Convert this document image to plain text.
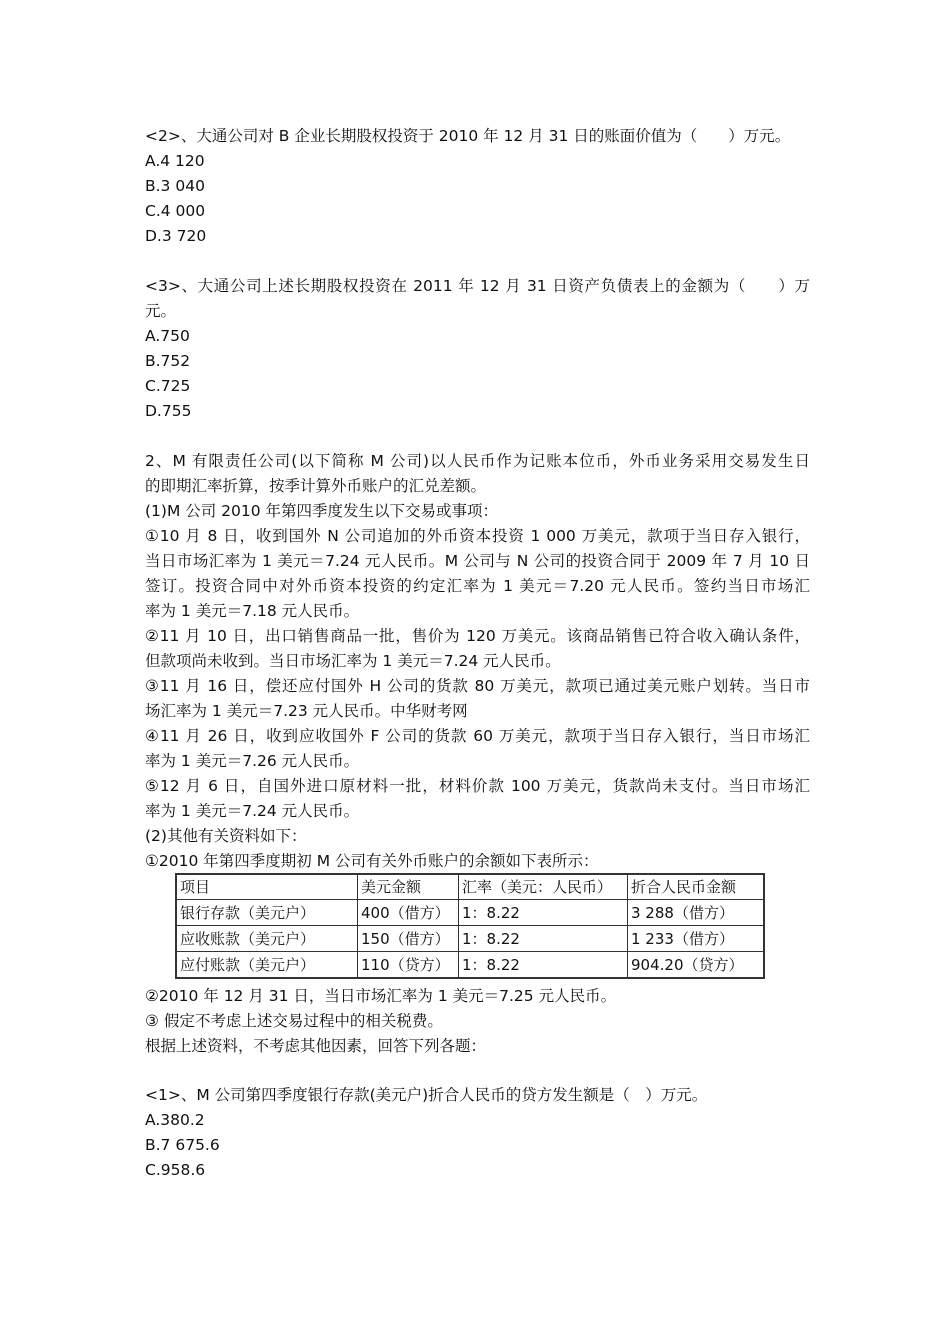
<2>、大通公司对 B 企业长期股权投资于 2010 年 12 月 31 日的账面价值为（　　）万元。
A.4 120
B.3 040
C.4 000
D.3 720
<3>、大通公司上述长期股权投资在 2011 年 12 月 31 日资产负债表上的金额为（　　）万
元。
A.750
B.752
C.725
D.755
2、M 有限责任公司(以下简称 M 公司)以人民币作为记账本位币，外币业务采用交易发生日
的即期汇率折算，按季计算外币账户的汇兑差额。
(1)M 公司 2010 年第四季度发生以下交易或事项：
①10 月 8 日，收到国外 N 公司追加的外币资本投资 1 000 万美元，款项于当日存入银行，
当日市场汇率为 1 美元＝7.24 元人民币。M 公司与 N 公司的投资合同于 2009 年 7 月 10 日
签订。投资合同中对外币资本投资的约定汇率为 1 美元＝7.20 元人民币。签约当日市场汇
率为 1 美元＝7.18 元人民币。
②11 月 10 日，出口销售商品一批，售价为 120 万美元。该商品销售已符合收入确认条件，
但款项尚未收到。当日市场汇率为 1 美元＝7.24 元人民币。
③11 月 16 日，偿还应付国外 H 公司的货款 80 万美元，款项已通过美元账户划转。当日市
场汇率为 1 美元＝7.23 元人民币。中华财考网
④11 月 26 日，收到应收国外 F 公司的货款 60 万美元，款项于当日存入银行，当日市场汇
率为 1 美元＝7.26 元人民币。
⑤12 月 6 日，自国外进口原材料一批，材料价款 100 万美元，货款尚未支付。当日市场汇
率为 1 美元＝7.24 元人民币。
(2)其他有关资料如下：
①2010 年第四季度期初 M 公司有关外币账户的余额如下表所示：
项目	美元金额	汇率（美元：人民币）	折合人民币金额
银行存款（美元户）	400（借方）	1：8.22	3 288（借方）
应收账款（美元户）	150（借方）	1：8.22	1 233（借方）
应付账款（美元户）	110（贷方）	1：8.22	904.20（贷方）
②2010 年 12 月 31 日，当日市场汇率为 1 美元＝7.25 元人民币。
③ 假定不考虑上述交易过程中的相关税费。
根据上述资料，不考虑其他因素，回答下列各题：
<1>、M 公司第四季度银行存款(美元户)折合人民币的贷方发生额是（　）万元。
A.380.2
B.7 675.6
C.958.6
